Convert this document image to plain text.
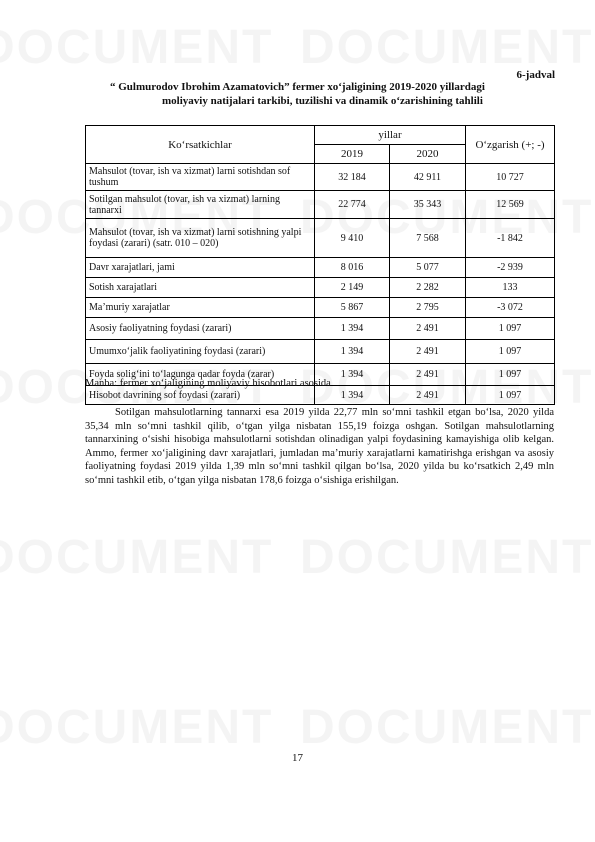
6-jadval
“ Gulmurodov Ibrohim Azamatovich” fermer xo‘jaligining 2019-2020 yillardagi
moliyaviy natijalari tarkibi, tuzilishi va dinamik o‘zarishining tahlili
Ko‘rsatkichlar	yillar		O‘zgarish (+; -)
	2019	2020	
Mahsulot (tovar, ish va xizmat) larni sotishdan sof tushum	32 184	42 911	10 727
Sotilgan mahsulot (tovar, ish va xizmat) larning tannarxi	22 774	35 343	12 569
Mahsulot (tovar, ish va xizmat) larni sotishning yalpi foydasi (zarari) (satr. 010 – 020)	9 410	7 568	-1 842
Davr xarajatlari, jami	8 016	5 077	-2 939
Sotish xarajatlari	2 149	2 282	133
Ma’muriy xarajatlar	5 867	2 795	-3 072
Asosiy faoliyatning foydasi (zarari)	1 394	2 491	1 097
Umumxo‘jalik faoliyatining foydasi (zarari)	1 394	2 491	1 097
Foyda solig‘ini to‘lagunga qadar foyda (zarar)	1 394	2 491	1 097
Hisobot davrining sof foydasi (zarari)	1 394	2 491	1 097
Manba: fermer xo‘jaligining moliyaviy hisobotlari asosida
Sotilgan mahsulotlarning tannarxi esa 2019 yilda 22,77 mln so‘mni tashkil etgan bo‘lsa, 2020 yilda 35,34 mln so‘mni tashkil qilib, o‘tgan yilga nisbatan 155,19 foizga oshgan. Sotilgan mahsulotlarning tannarxining o‘sishi hisobiga mahsulotlarni sotishdan olinadigan yalpi foydasining kamayishiga olib kelgan. Ammo, fermer xo‘jaligining davr xarajatlari, jumladan ma’muriy xarajatlarni kamatirishga erishgan va asosiy faoliyatning foydasi 2019 yilda 1,39 mln so‘mni tashkil qilgan bo‘lsa, 2020 yilda bu ko‘rsatkich 2,49 mln so‘mni tashkil etib, o‘tgan yilga nisbatan 178,6 foizga o‘sishiga erishilgan.
17
